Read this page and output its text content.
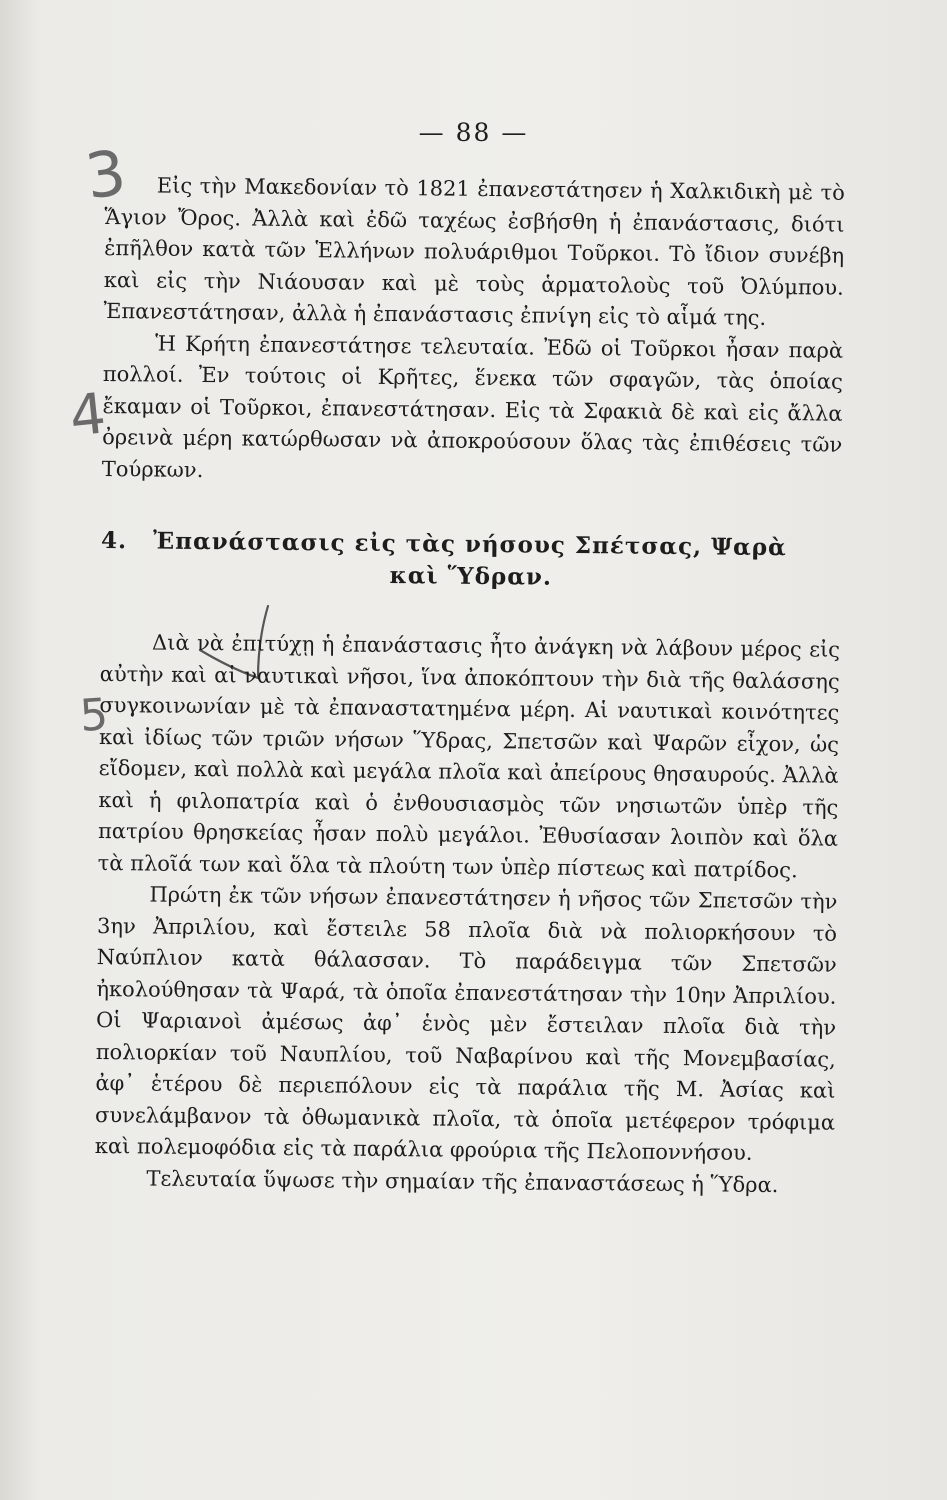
— 88 —
3
4
5

Εἰς τὴν Μακεδονίαν τὸ 1821 ἐπανεστάτησεν ἡ Χαλκιδικὴ μὲ τὸ Ἅγιον Ὄρος. Ἀλλὰ καὶ ἐδῶ ταχέως ἐσβήσθη ἡ ἐπανάστασις, διότι ἐπῆλθον κατὰ τῶν Ἑλλήνων πολυάριθμοι Τοῦρκοι. Τὸ ἴδιον συνέβη καὶ εἰς τὴν Νιάουσαν καὶ μὲ τοὺς ἁρματολοὺς τοῦ Ὀλύμπου. Ἐπανεστάτησαν, ἀλλὰ ἡ ἐπανάστασις ἐπνίγη εἰς τὸ αἷμά της.

Ἡ Κρήτη ἐπανεστάτησε τελευταία. Ἐδῶ οἱ Τοῦρκοι ἦσαν παρὰ πολλοί. Ἐν τούτοις οἱ Κρῆτες, ἕνεκα τῶν σφαγῶν, τὰς ὁποίας ἔκαμαν οἱ Τοῦρκοι, ἐπανεστάτησαν. Εἰς τὰ Σφακιὰ δὲ καὶ εἰς ἄλλα ὀρεινὰ μέρη κατώρθωσαν νὰ ἀποκρούσουν ὅλας τὰς ἐπιθέσεις τῶν Τούρκων.

4. Ἐπανάστασις εἰς τὰς νήσους Σπέτσας, Ψαρὰ
καὶ Ὕδραν.

Διὰ νὰ ἐπιτύχῃ ἡ ἐπανάστασις ἦτο ἀνάγκη νὰ λάβουν μέρος εἰς αὐτὴν καὶ αἱ ναυτικαὶ νῆσοι, ἵνα ἀποκόπτουν τὴν διὰ τῆς θαλάσσης συγκοινωνίαν μὲ τὰ ἐπαναστατημένα μέρη. Αἱ ναυτικαὶ κοινότητες καὶ ἰδίως τῶν τριῶν νήσων Ὕδρας, Σπετσῶν καὶ Ψαρῶν εἶχον, ὡς εἴδομεν, καὶ πολλὰ καὶ μεγάλα πλοῖα καὶ ἀπείρους θησαυρούς. Ἀλλὰ καὶ ἡ φιλοπατρία καὶ ὁ ἐνθουσιασμὸς τῶν νησιωτῶν ὑπὲρ τῆς πατρίου θρησκείας ἦσαν πολὺ μεγάλοι. Ἐθυσίασαν λοιπὸν καὶ ὅλα τὰ πλοῖά των καὶ ὅλα τὰ πλούτη των ὑπὲρ πίστεως καὶ πατρίδος.

Πρώτη ἐκ τῶν νήσων ἐπανεστάτησεν ἡ νῆσος τῶν Σπετσῶν τὴν 3ην Ἀπριλίου, καὶ ἔστειλε 58 πλοῖα διὰ νὰ πολιορκήσουν τὸ Ναύπλιον κατὰ θάλασσαν. Τὸ παράδειγμα τῶν Σπετσῶν ἠκολούθησαν τὰ Ψαρά, τὰ ὁποῖα ἐπανεστάτησαν τὴν 10ην Ἀπριλίου. Οἱ Ψαριανοὶ ἀμέσως ἀφ᾽ ἑνὸς μὲν ἔστειλαν πλοῖα διὰ τὴν πολιορκίαν τοῦ Ναυπλίου, τοῦ Ναβαρίνου καὶ τῆς Μονεμβασίας, ἀφ᾽ ἑτέρου δὲ περιεπόλουν εἰς τὰ παράλια τῆς Μ. Ἀσίας καὶ συνελάμβανον τὰ ὀθωμανικὰ πλοῖα, τὰ ὁποῖα μετέφερον τρόφιμα καὶ πολεμοφόδια εἰς τὰ παράλια φρούρια τῆς Πελοποννήσου.

Τελευταία ὕψωσε τὴν σημαίαν τῆς ἐπαναστάσεως ἡ Ὕδρα.
